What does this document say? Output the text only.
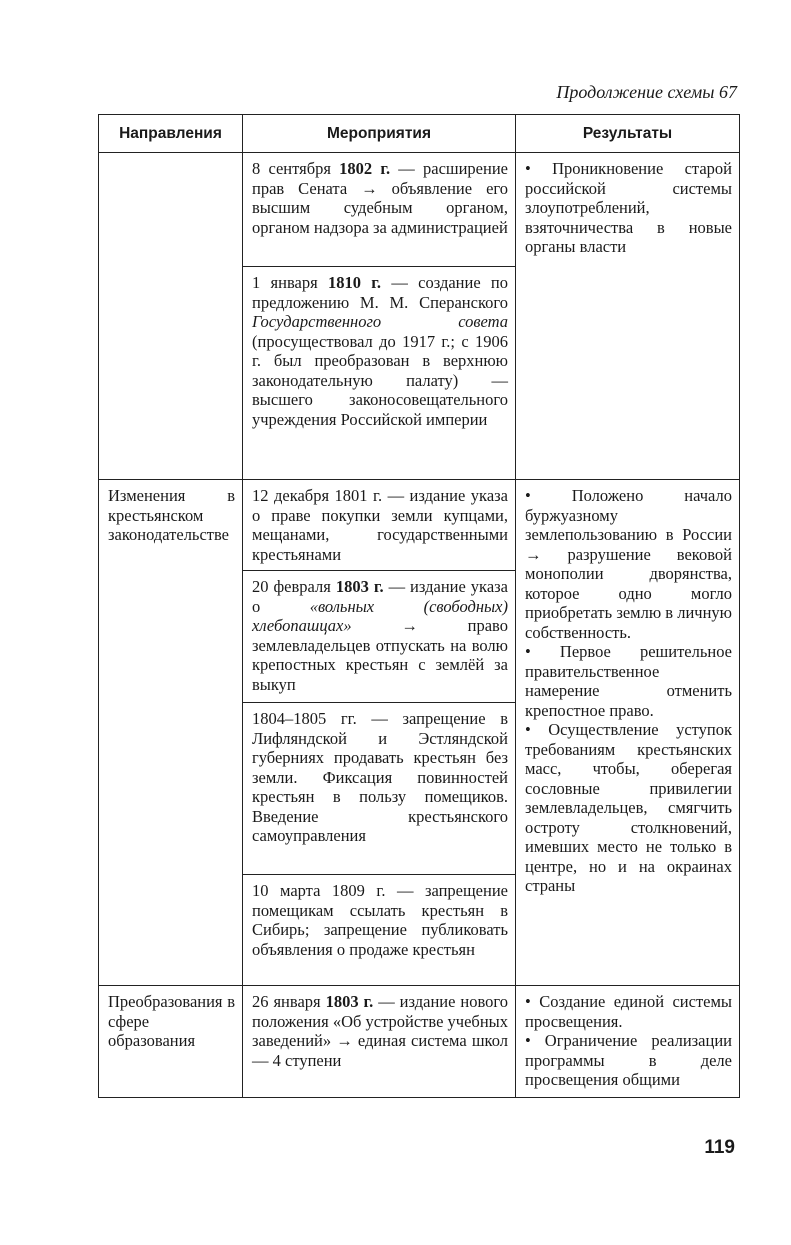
Продолжение схемы 67
Направления	Мероприятия	Результаты
	8 сентября 1802 г. — расширение прав Сената → объявление его высшим судебным органом, органом надзора за администрацией	• Проникновение старой российской системы злоупотреблений, взяточничества в новые органы власти
	1 января 1810 г. — создание по предложению М. М. Сперанского Государственного совета (просуществовал до 1917 г.; с 1906 г. был преобразован в верхнюю законодательную палату) — высшего законосовещательного учреждения Российской империи	
Изменения в крестьянском законодательстве	12 декабря 1801 г. — издание указа о праве покупки земли купцами, мещанами, государственными крестьянами	• Положено начало буржуазному землепользованию в России → разрушение вековой монополии дворянства, которое одно могло приобретать землю в личную собственность.
• Первое решительное правительственное намерение отменить крепостное право.
• Осуществление уступок требованиям крестьянских масс, чтобы, оберегая сословные привилегии землевладельцев, смягчить остроту столкновений, имевших место не только в центре, но и на окраинах страны

	20 февраля 1803 г. — издание указа о «вольных (свободных) хлебопашцах» → право землевладельцев отпускать на волю крепостных крестьян с землёй за выкуп	
	1804–1805 гг. — запрещение в Лифляндской и Эстляндской губерниях продавать крестьян без земли. Фиксация повинностей крестьян в пользу помещиков. Введение крестьянского самоуправления	
	10 марта 1809 г. — запрещение помещикам ссылать крестьян в Сибирь; запрещение публиковать объявления о продаже крестьян	
Преобразования в сфере образования	26 января 1803 г. — издание нового положения «Об устройстве учебных заведений» → единая система школ — 4 ступени	• Создание единой системы просвещения.
• Ограничение реализации программы в деле просвещения общими
119
